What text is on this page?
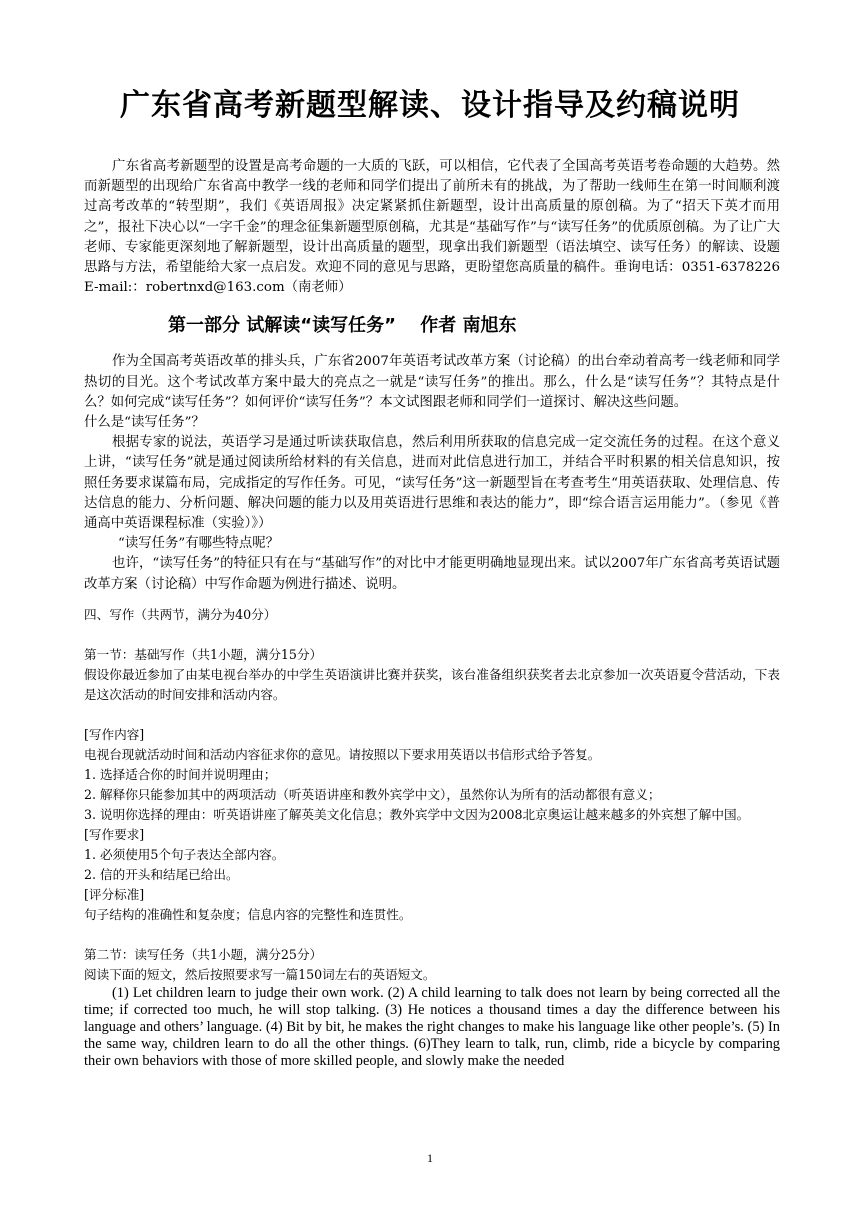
广东省高考新题型解读、设计指导及约稿说明

广东省高考新题型的设置是高考命题的一大质的飞跃，可以相信，它代表了全国高考英语考卷命题的大趋势。然而新题型的出现给广东省高中教学一线的老师和同学们提出了前所未有的挑战，为了帮助一线师生在第一时间顺利渡过高考改革的“转型期”，我们《英语周报》决定紧紧抓住新题型，设计出高质量的原创稿。为了“招天下英才而用之”，报社下决心以“一字千金”的理念征集新题型原创稿，尤其是“基础写作”与“读写任务”的优质原创稿。为了让广大老师、专家能更深刻地了解新题型，设计出高质量的题型，现拿出我们新题型（语法填空、读写任务）的解读、设题思路与方法，希望能给大家一点启发。欢迎不同的意见与思路，更盼望您高质量的稿件。垂询电话：0351-6378226　　E-mail:：robertnxd@163.com（南老师）

第一部分 试解读“读写任务”　 作者 南旭东

作为全国高考英语改革的排头兵，广东省2007年英语考试改革方案（讨论稿）的出台牵动着高考一线老师和同学热切的目光。这个考试改革方案中最大的亮点之一就是“读写任务”的推出。那么，什么是“读写任务”？其特点是什么？如何完成“读写任务”？如何评价“读写任务”？本文试图跟老师和同学们一道探讨、解决这些问题。

什么是“读写任务”？

根据专家的说法，英语学习是通过听读获取信息，然后利用所获取的信息完成一定交流任务的过程。在这个意义上讲，“读写任务”就是通过阅读所给材料的有关信息，进而对此信息进行加工，并结合平时积累的相关信息知识，按照任务要求谋篇布局，完成指定的写作任务。可见，“读写任务”这一新题型旨在考查考生“用英语获取、处理信息、传达信息的能力、分析问题、解决问题的能力以及用英语进行思维和表达的能力”，即“综合语言运用能力”。（参见《普通高中英语课程标准（实验）》）

“读写任务”有哪些特点呢？

也许，“读写任务”的特征只有在与“基础写作”的对比中才能更明确地显现出来。试以2007年广东省高考英语试题改革方案（讨论稿）中写作命题为例进行描述、说明。

四、写作（共两节，满分为40分）

第一节：基础写作（共1小题，满分15分）

假设你最近参加了由某电视台举办的中学生英语演讲比赛并获奖，该台准备组织获奖者去北京参加一次英语夏令营活动，下表是这次活动的时间安排和活动内容。

[写作内容]

电视台现就活动时间和活动内容征求你的意见。请按照以下要求用英语以书信形式给予答复。

1. 选择适合你的时间并说明理由；

2. 解释你只能参加其中的两项活动（听英语讲座和教外宾学中文），虽然你认为所有的活动都很有意义；

3. 说明你选择的理由：听英语讲座了解英美文化信息；教外宾学中文因为2008北京奥运让越来越多的外宾想了解中国。

[写作要求]

1. 必须使用5个句子表达全部内容。

2. 信的开头和结尾已给出。

[评分标准]

句子结构的准确性和复杂度；信息内容的完整性和连贯性。

第二节：读写任务（共1小题，满分25分）

阅读下面的短文，然后按照要求写一篇150词左右的英语短文。

(1) Let children learn to judge their own work. (2) A child learning to talk does not learn by being corrected all the time; if corrected too much, he will stop talking. (3) He notices a thousand times a day the difference between his language and others’ language. (4) Bit by bit, he makes the right changes to make his language like other people’s. (5) In the same way, children learn to do all the other things. (6)They learn to talk, run, climb, ride a bicycle by comparing their own behaviors with those of more skilled people, and slowly make the needed

1
